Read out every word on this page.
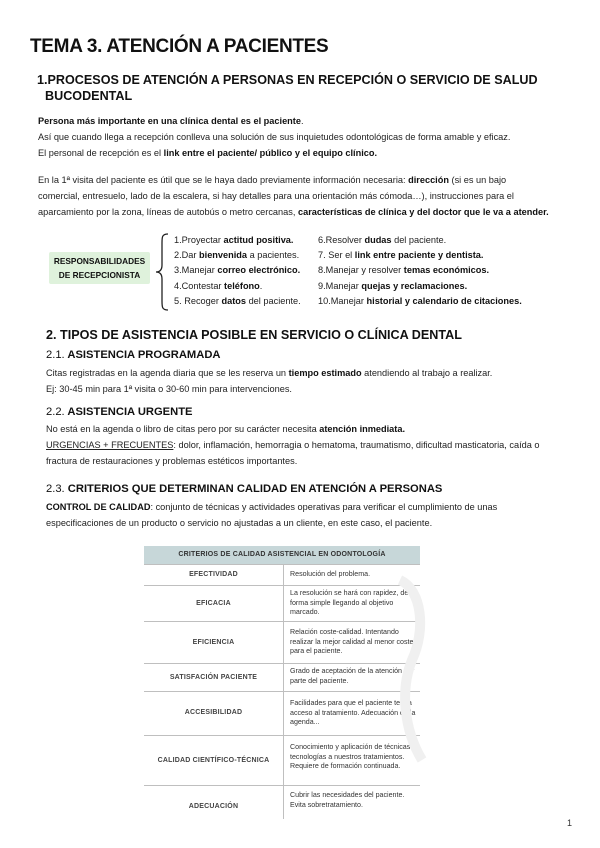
TEMA 3. ATENCIÓN A PACIENTES
1.PROCESOS DE ATENCIÓN A PERSONAS EN RECEPCIÓN O SERVICIO DE SALUD
BUCODENTAL
Persona más importante en una clínica dental es el paciente.
Así que cuando llega a recepción conlleva una solución de sus inquietudes odontológicas de forma amable y eficaz.
El personal de recepción es el link entre el paciente/ público y el equipo clínico.
En la 1ª visita del paciente es útil que se le haya dado previamente información necesaria: dirección (si es un bajo
comercial, entresuelo, lado de la escalera, si hay detalles para una orientación más cómoda…), instrucciones para el
aparcamiento por la zona, líneas de autobús o metro cercanas, características de clínica y del doctor que le va a atender.
RESPONSABILIDADES
DE RECEPCIONISTA
1.Proyectar actitud positiva.
2.Dar bienvenida a pacientes.
3.Manejar correo electrónico.
4.Contestar teléfono.
5. Recoger datos del paciente.
6.Resolver dudas del paciente.
7. Ser el link entre paciente y dentista.
8.Manejar y resolver temas económicos.
9.Manejar quejas y reclamaciones.
10.Manejar historial y calendario de citaciones.
2. TIPOS DE ASISTENCIA POSIBLE EN SERVICIO O CLÍNICA DENTAL
2.1. ASISTENCIA PROGRAMADA
Citas registradas en la agenda diaria que se les reserva un tiempo estimado atendiendo al trabajo a realizar.
Ej: 30-45 min para 1ª visita o 30-60 min para intervenciones.
2.2. ASISTENCIA URGENTE
No está en la agenda o libro de citas pero por su carácter necesita atención inmediata.
URGENCIAS + FRECUENTES: dolor, inflamación, hemorragia o hematoma, traumatismo, dificultad masticatoria, caída o
fractura de restauraciones y problemas estéticos importantes.
2.3. CRITERIOS QUE DETERMINAN CALIDAD EN ATENCIÓN A PERSONAS
CONTROL DE CALIDAD: conjunto de técnicas y actividades operativas para verificar el cumplimiento de unas
especificaciones de un producto o servicio no ajustadas a un cliente, en este caso, el paciente.
CRITERIOS DE CALIDAD ASISTENCIAL EN ODONTOLOGÍA
EFECTIVIDAD	Resolución del problema.
EFICACIA
La resolución se hará con rapidez, de forma simple llegando al objetivo marcado.
EFICIENCIA
Relación coste-calidad. Intentando realizar la mejor calidad al menor coste para el paciente.
SATISFACIÓN PACIENTE
Grado de aceptación de la atención por parte del paciente.
ACCESIBILIDAD
Facilidades para que el paciente tenga acceso al tratamiento. Adecuación de la agenda...
CALIDAD CIENTÍFICO-TÉCNICA
Conocimiento y aplicación de técnicas y tecnologías a nuestros tratamientos. Requiere de formación continuada.
ADECUACIÓN
Cubrir las necesidades del paciente. Evita sobretratamiento.
1
